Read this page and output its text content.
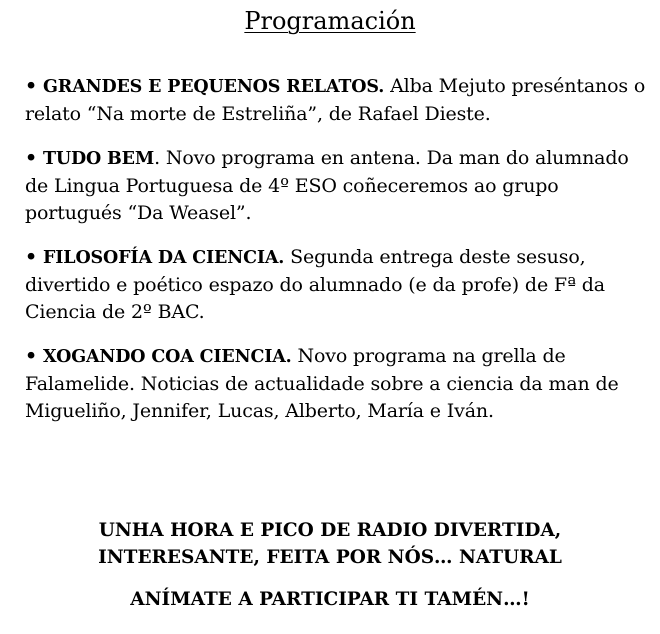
Programación
• GRANDES E PEQUENOS RELATOS. Alba Mejuto preséntanos o relato “Na morte de Estreliña”, de Rafael Dieste.
• TUDO BEM. Novo programa en antena. Da man do alumnado de Lingua Portuguesa de 4º ESO coñeceremos ao grupo portugués “Da Weasel”.
• FILOSOFÍA DA CIENCIA. Segunda entrega deste sesuso, divertido e poético espazo do alumnado (e da profe) de Fª da Ciencia de 2º BAC.
• XOGANDO COA CIENCIA. Novo programa na grella de Falamelide. Noticias de actualidade sobre a ciencia da man de Migueliño, Jennifer, Lucas, Alberto, María e Iván.
UNHA HORA E PICO DE RADIO DIVERTIDA,
INTERESANTE, FEITA POR NÓS… NATURAL
ANÍMATE A PARTICIPAR TI TAMÉN…!
